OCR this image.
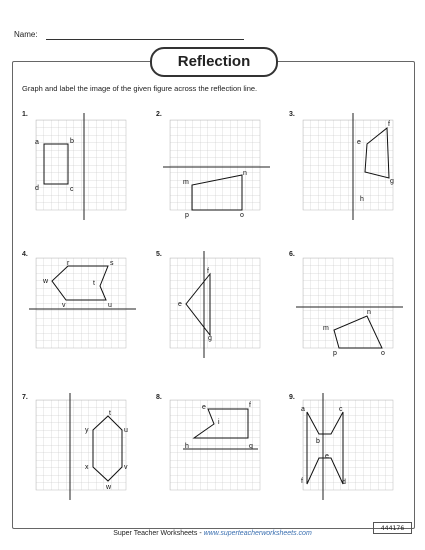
Name:
Reflection
Graph and label the image of the given figure across the reflection line.
1.	2.	3.
4.	5.	6.
7.	8.	9.
a	b
c
d
m
n
o
p
e
f
g
h
r	s
t
u
v
w
e
f
g
m
n
o
p
t
u
v
w
x
y
e	f
g
h
i
a
b
c
d
e
f
Super Teacher Worksheets - www.superteacherworksheets.com
444176
